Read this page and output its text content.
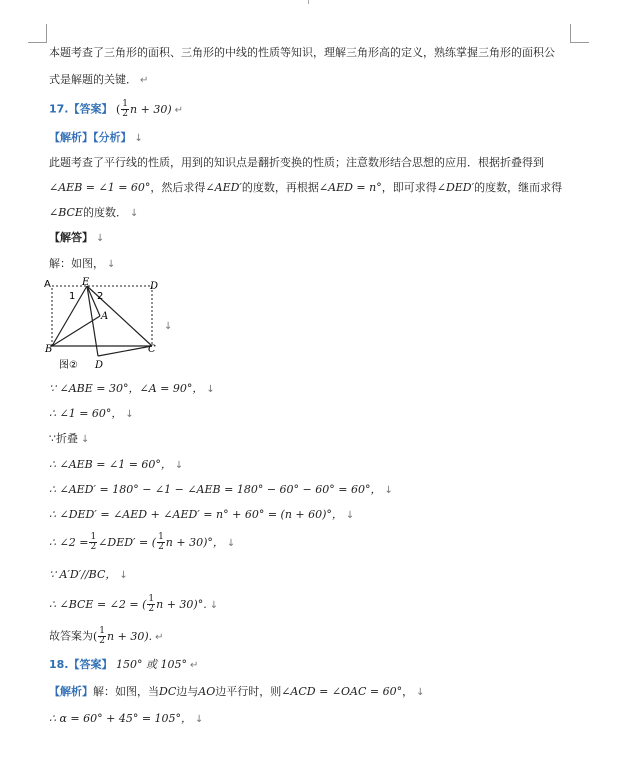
本题考查了三角形的面积、三角形的中线的性质等知识，理解三角形高的定义，熟练掌握三角形的面积公
式是解题的关键． ↵
17.【答案】 ( $\frac{1}{2}$ n + 30) ↵
【解析】【分析】 ↓
此题考查了平行线的性质，用到的知识点是翻折变换的性质；注意数形结合思想的应用．根据折叠得到
∠AEB = ∠1 = 60°，然后求得∠AED′的度数，再根据∠AED = n°，即可求得∠DED′的度数，继而求得
∠BCE的度数． ↓
【解答】 ↓
解：如图， ↓
A	E	D
1 2
A
B	C
D
图②
↓
∵ ∠ABE = 30°，∠A = 90°， ↓
∴ ∠1 = 60°， ↓
∵折叠 ↓
∴ ∠AEB = ∠1 = 60°， ↓
∴ ∠AED′ = 180° − ∠1 − ∠AEB = 180° − 60° − 60° = 60°， ↓
∴ ∠DED′ = ∠AED + ∠AED′ = n° + 60° = (n + 60)°， ↓
∴ ∠2 = $\frac{1}{2}$ ∠DED′ = ( $\frac{1}{2}$ n + 30)°， ↓
∵ A′D′//BC， ↓
∴ ∠BCE = ∠2 = ( $\frac{1}{2}$ n + 30)°. ↓
故答案为( $\frac{1}{2}$ n + 30). ↵
18.【答案】 150° 或 105° ↵
【解析】解：如图，当DC边与AO边平行时，则∠ACD = ∠OAC = 60°， ↓
∴ α = 60° + 45° = 105°， ↓
